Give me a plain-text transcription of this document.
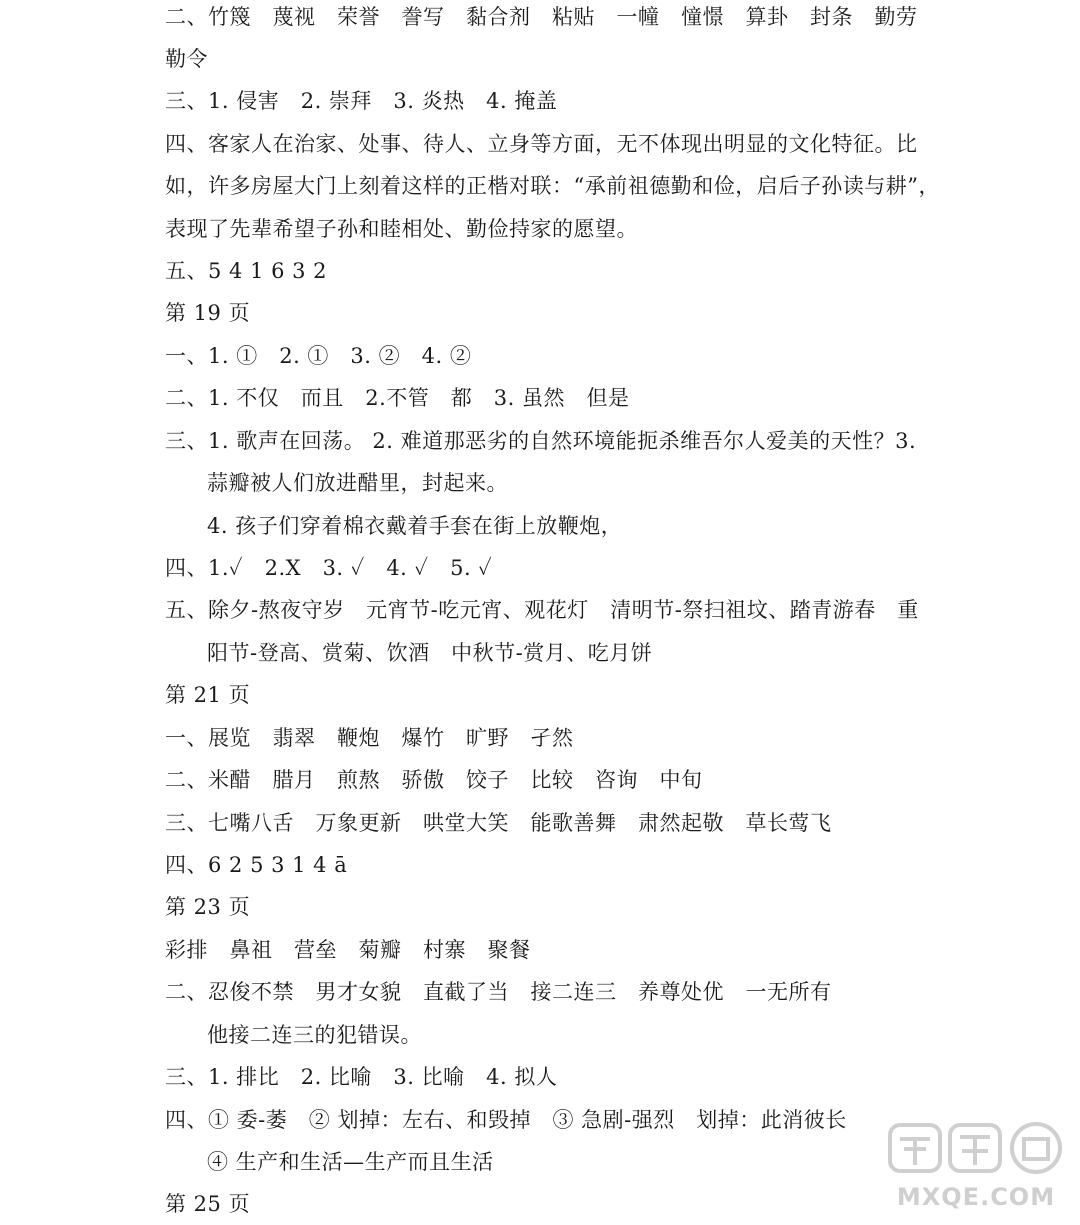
二、竹篾　蔑视　荣誉　誊写　黏合剂　粘贴　一幢　憧憬　算卦　封条　勤劳
勒令
三、1. 侵害　2. 崇拜　3. 炎热　4. 掩盖
四、客家人在治家、处事、待人、立身等方面，无不体现出明显的文化特征。比
如，许多房屋大门上刻着这样的正楷对联：“承前祖德勤和俭，启后子孙读与耕”，
表现了先辈希望子孙和睦相处、勤俭持家的愿望。
五、5 4 1 6 3 2
第 19 页
一、1. ①　2. ①　3. ②　4. ②
二、1. 不仅　而且　2.不管　都　3. 虽然　但是
三、1. 歌声在回荡。 2. 难道那恶劣的自然环境能扼杀维吾尔人爱美的天性？3.
蒜瓣被人们放进醋里，封起来。
4. 孩子们穿着棉衣戴着手套在街上放鞭炮，
四、1.✓　2.X　3. ✓　4. ✓　5. ✓
五、除夕-熬夜守岁　元宵节-吃元宵、观花灯　清明节-祭扫祖坟、踏青游春　重
阳节-登高、赏菊、饮酒　中秋节-赏月、吃月饼
第 21 页
一、展览　翡翠　鞭炮　爆竹　旷野　孑然
二、米醋　腊月　煎熬　骄傲　饺子　比较　咨询　中旬
三、七嘴八舌　万象更新　哄堂大笑　能歌善舞　肃然起敬　草长莺飞
四、6 2 5 3 1 4 ā
第 23 页
彩排　鼻祖　营垒　菊瓣　村寨　聚餐
二、忍俊不禁　男才女貌　直截了当　接二连三　养尊处优　一无所有
他接二连三的犯错误。
三、1. 排比　2. 比喻　3. 比喻　4. 拟人
四、① 委-萎　② 划掉：左右、和毁掉　③ 急剧-强烈　划掉：此消彼长
④ 生产和生活—生产而且生活
第 25 页	MXQE.COM
